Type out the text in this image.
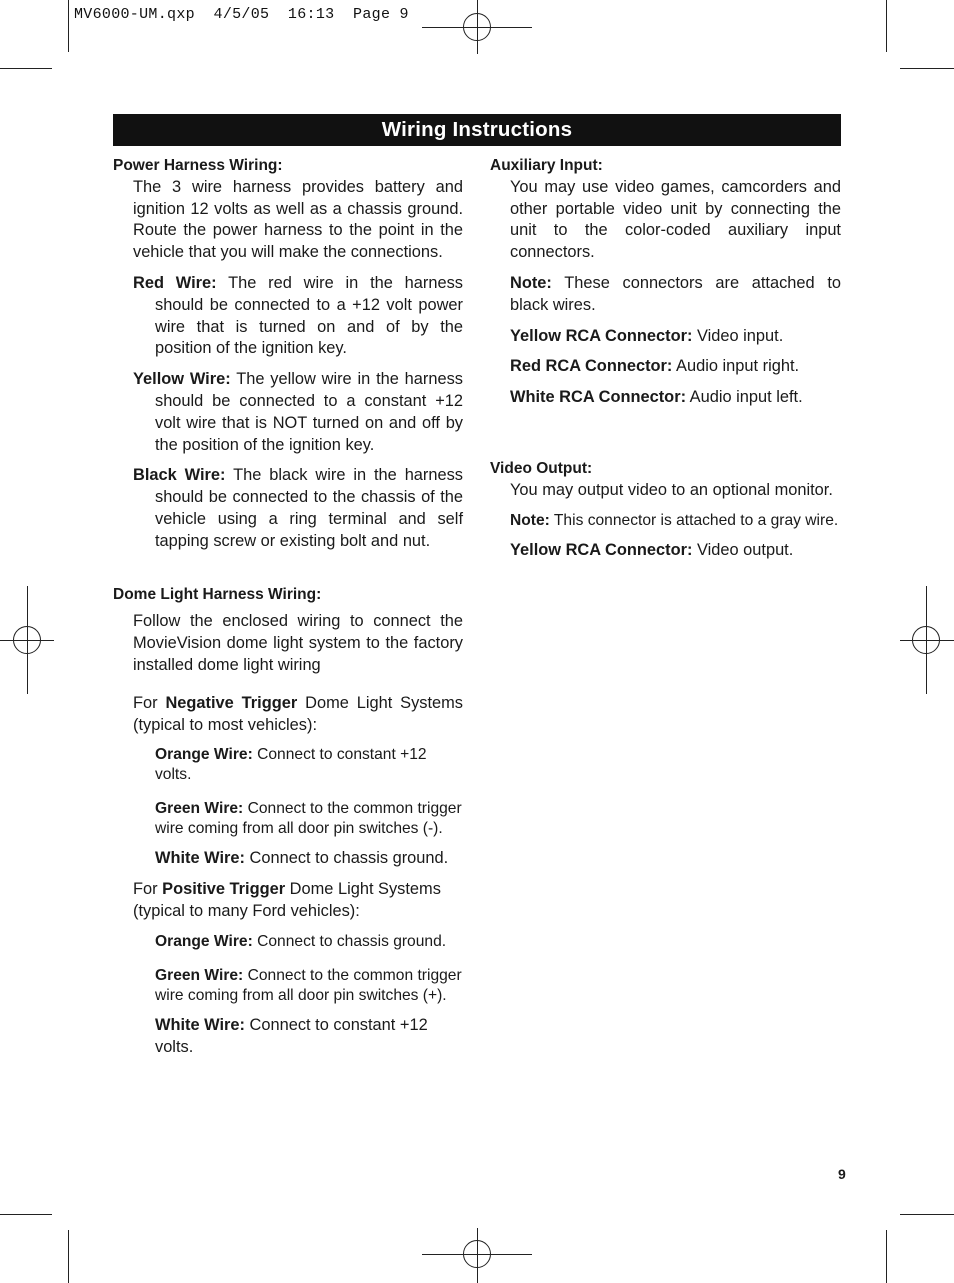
MV6000-UM.qxp  4/5/05  16:13  Page 9
Wiring Instructions

Power Harness Wiring:

The 3 wire harness provides battery and ignition 12 volts as well as a chassis ground. Route the power harness to the point in the vehicle that you will make the connections.

Red Wire: The red wire in the harness should be connected to a +12 volt power wire that is turned on and of by the position of the ignition key.

Yellow Wire: The yellow wire in the harness should be connected to a constant +12 volt wire that is NOT turned on and off by the position of the ignition key.

Black Wire: The black wire in the harness should be connected to the chassis of the vehicle using a ring terminal and self tapping screw or existing bolt and nut.

Dome Light Harness Wiring:

Follow the enclosed wiring to connect the MovieVision dome light system to the factory installed dome light wiring

For Negative Trigger Dome Light Systems (typical to most vehicles):

Orange Wire: Connect to constant +12 volts.

Green Wire: Connect to the common trigger wire coming from all door pin switches (-).

White Wire: Connect to chassis ground.

For Positive Trigger Dome Light Systems (typical to many Ford vehicles):

Orange Wire: Connect to chassis ground.

Green Wire: Connect to the common trigger wire coming from all door pin switches (+).

White Wire: Connect to constant +12 volts.

Auxiliary Input:

You may use video games, camcorders and other portable video unit by connecting the unit to the color-coded auxiliary input connectors.

Note: These connectors are attached to black wires.

Yellow RCA Connector: Video input.

Red RCA Connector: Audio input right.

White RCA Connector: Audio input left.

Video Output:

You may output video to an optional monitor.

Note: This connector is attached to a gray wire.

Yellow RCA Connector: Video output.

9
